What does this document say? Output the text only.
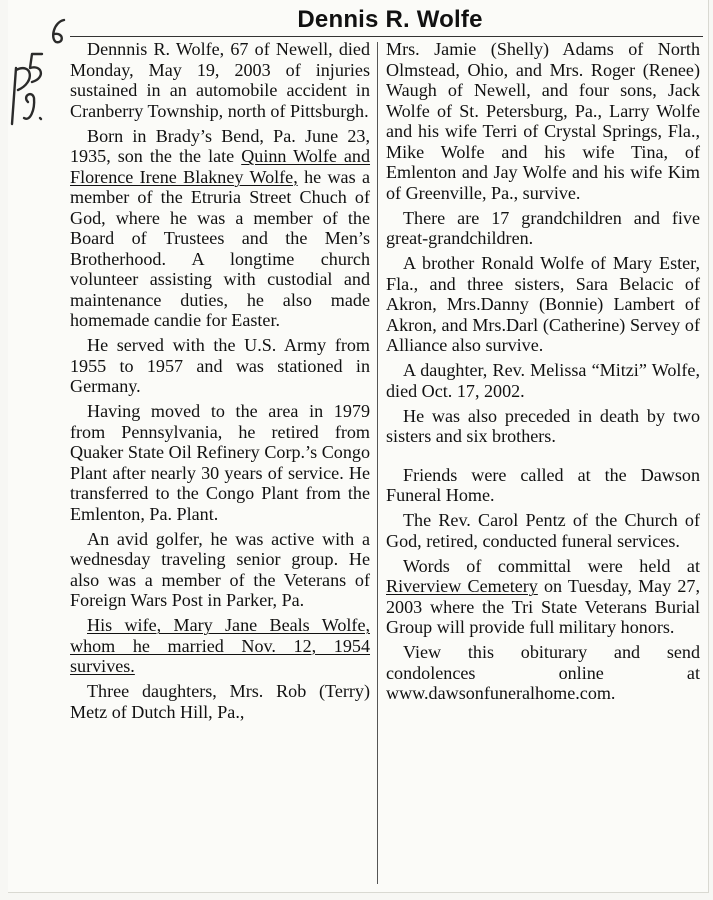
Dennis R. Wolfe

Dennnis R. Wolfe, 67 of Newell, died Monday, May 19, 2003 of injuries sustained in an automobile accident in Cranberry Township, north of Pittsburgh.

Born in Brady’s Bend, Pa. June 23, 1935, son the the late Quinn Wolfe and Florence Irene Blakney Wolfe, he was a member of the Etruria Street Chuch of God, where he was a member of the Board of Trustees and the Men’s Brotherhood. A longtime church volunteer assisting with custodial and maintenance duties, he also made homemade candie for Easter.

He served with the U.S. Army from 1955 to 1957 and was stationed in Germany.

Having moved to the area in 1979 from Pennsylvania, he retired from Quaker State Oil Refinery Corp.’s Congo Plant after nearly 30 years of service. He transferred to the Congo Plant from the Emlenton, Pa. Plant.

An avid golfer, he was active with a wednesday traveling senior group. He also was a member of the Veterans of Foreign Wars Post in Parker, Pa.

His wife, Mary Jane Beals Wolfe, whom he married Nov. 12, 1954 survives.

Three daughters, Mrs. Rob (Terry) Metz of Dutch Hill, Pa.,

Mrs. Jamie (Shelly) Adams of North Olmstead, Ohio, and Mrs. Roger (Renee) Waugh of Newell, and four sons, Jack Wolfe of St. Petersburg, Pa., Larry Wolfe and his wife Terri of Crystal Springs, Fla., Mike Wolfe and his wife Tina, of Emlenton and Jay Wolfe and his wife Kim of Greenville, Pa., survive.

There are 17 grandchildren and five great-grandchildren.

A brother Ronald Wolfe of Mary Ester, Fla., and three sisters, Sara Belacic of Akron, Mrs.Danny (Bonnie) Lambert of Akron, and Mrs.Darl (Catherine) Servey of Alliance also survive.

A daughter, Rev. Melissa “Mitzi” Wolfe, died Oct. 17, 2002.

He was also preceded in death by two sisters and six brothers.

Friends were called at the Dawson Funeral Home.

The Rev. Carol Pentz of the Church of God, retired, conducted funeral services.

Words of committal were held at Riverview Cemetery on Tuesday, May 27, 2003 where the Tri State Veterans Burial Group will provide full military honors.

View this obiturary and send condolences online at www.dawsonfuneralhome.com.
